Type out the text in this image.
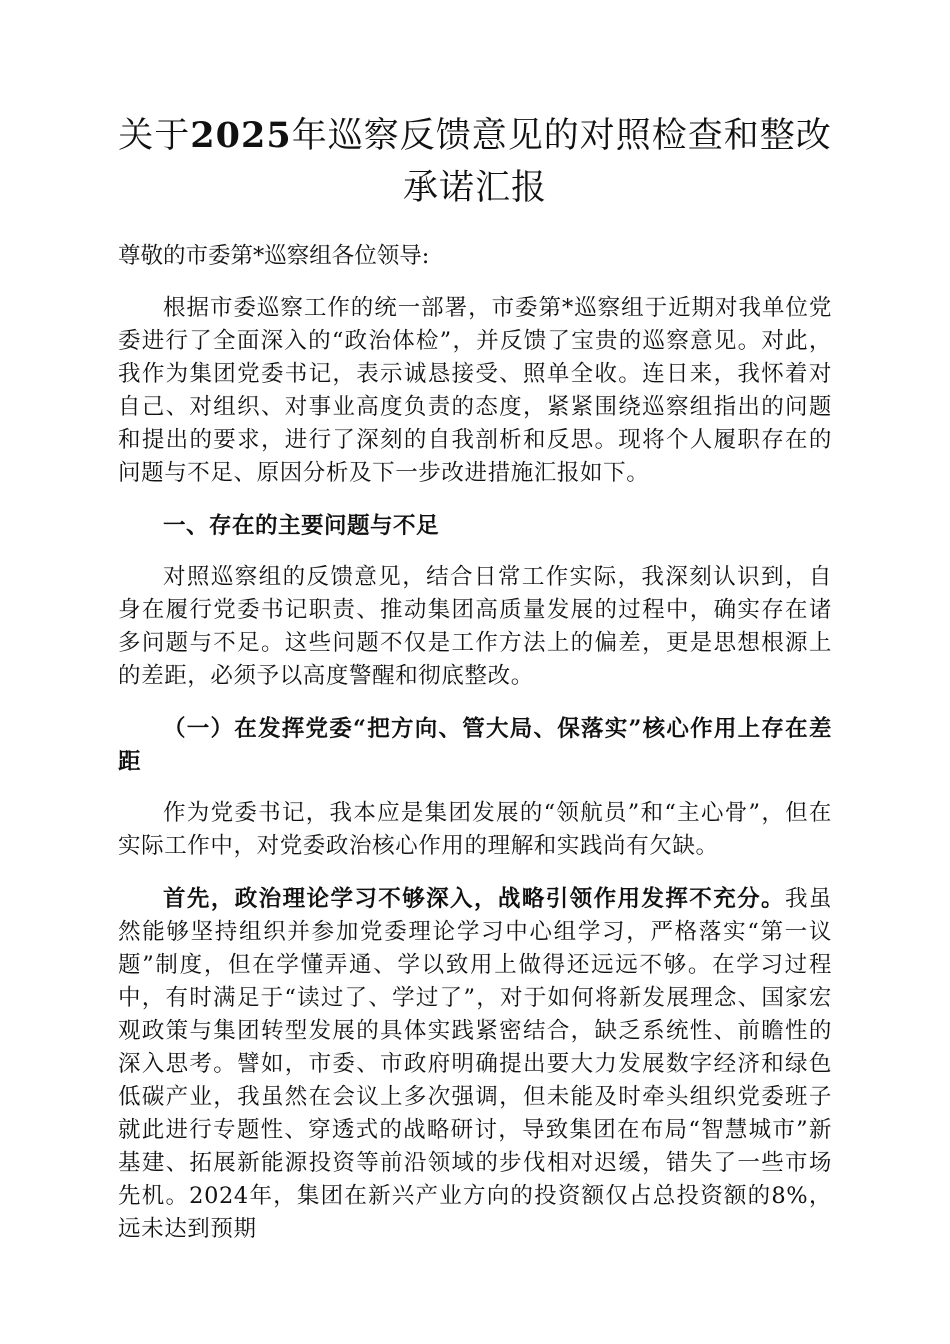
关于2025年巡察反馈意见的对照检查和整改承诺汇报
尊敬的市委第*巡察组各位领导:

根据市委巡察工作的统一部署，市委第*巡察组于近期对我单位党委进行了全面深入的“政治体检”，并反馈了宝贵的巡察意见。对此，我作为集团党委书记，表示诚恳接受、照单全收。连日来，我怀着对自己、对组织、对事业高度负责的态度，紧紧围绕巡察组指出的问题和提出的要求，进行了深刻的自我剖析和反思。现将个人履职存在的问题与不足、原因分析及下一步改进措施汇报如下。

一、存在的主要问题与不足

对照巡察组的反馈意见，结合日常工作实际，我深刻认识到，自身在履行党委书记职责、推动集团高质量发展的过程中，确实存在诸多问题与不足。这些问题不仅是工作方法上的偏差，更是思想根源上的差距，必须予以高度警醒和彻底整改。

（一）在发挥党委“把方向、管大局、保落实”核心作用上存在差距

作为党委书记，我本应是集团发展的“领航员”和“主心骨”，但在实际工作中，对党委政治核心作用的理解和实践尚有欠缺。

首先，政治理论学习不够深入，战略引领作用发挥不充分。我虽然能够坚持组织并参加党委理论学习中心组学习，严格落实“第一议题”制度，但在学懂弄通、学以致用上做得还远远不够。在学习过程中，有时满足于“读过了、学过了”，对于如何将新发展理念、国家宏观政策与集团转型发展的具体实践紧密结合，缺乏系统性、前瞻性的深入思考。譬如，市委、市政府明确提出要大力发展数字经济和绿色低碳产业，我虽然在会议上多次强调，但未能及时牵头组织党委班子就此进行专题性、穿透式的战略研讨，导致集团在布局“智慧城市”新基建、拓展新能源投资等前沿领域的步伐相对迟缓，错失了一些市场先机。2024年，集团在新兴产业方向的投资额仅占总投资额的8%，远未达到预期
